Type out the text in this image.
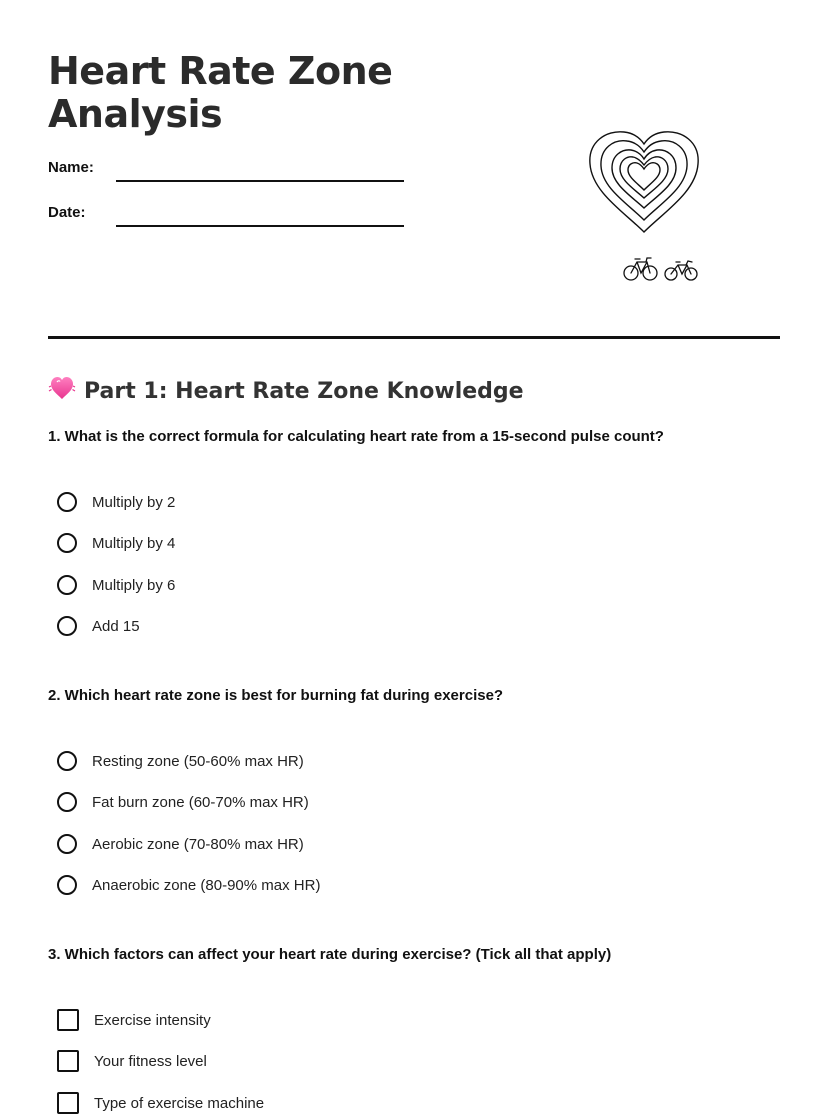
Heart Rate Zone
Analysis
Name:
Date:
Part 1: Heart Rate Zone Knowledge
1. What is the correct formula for calculating heart rate from a 15-second pulse count?
Multiply by 2
Multiply by 4
Multiply by 6
Add 15
2. Which heart rate zone is best for burning fat during exercise?
Resting zone (50-60% max HR)
Fat burn zone (60-70% max HR)
Aerobic zone (70-80% max HR)
Anaerobic zone (80-90% max HR)
3. Which factors can affect your heart rate during exercise? (Tick all that apply)
Exercise intensity
Your fitness level
Type of exercise machine
